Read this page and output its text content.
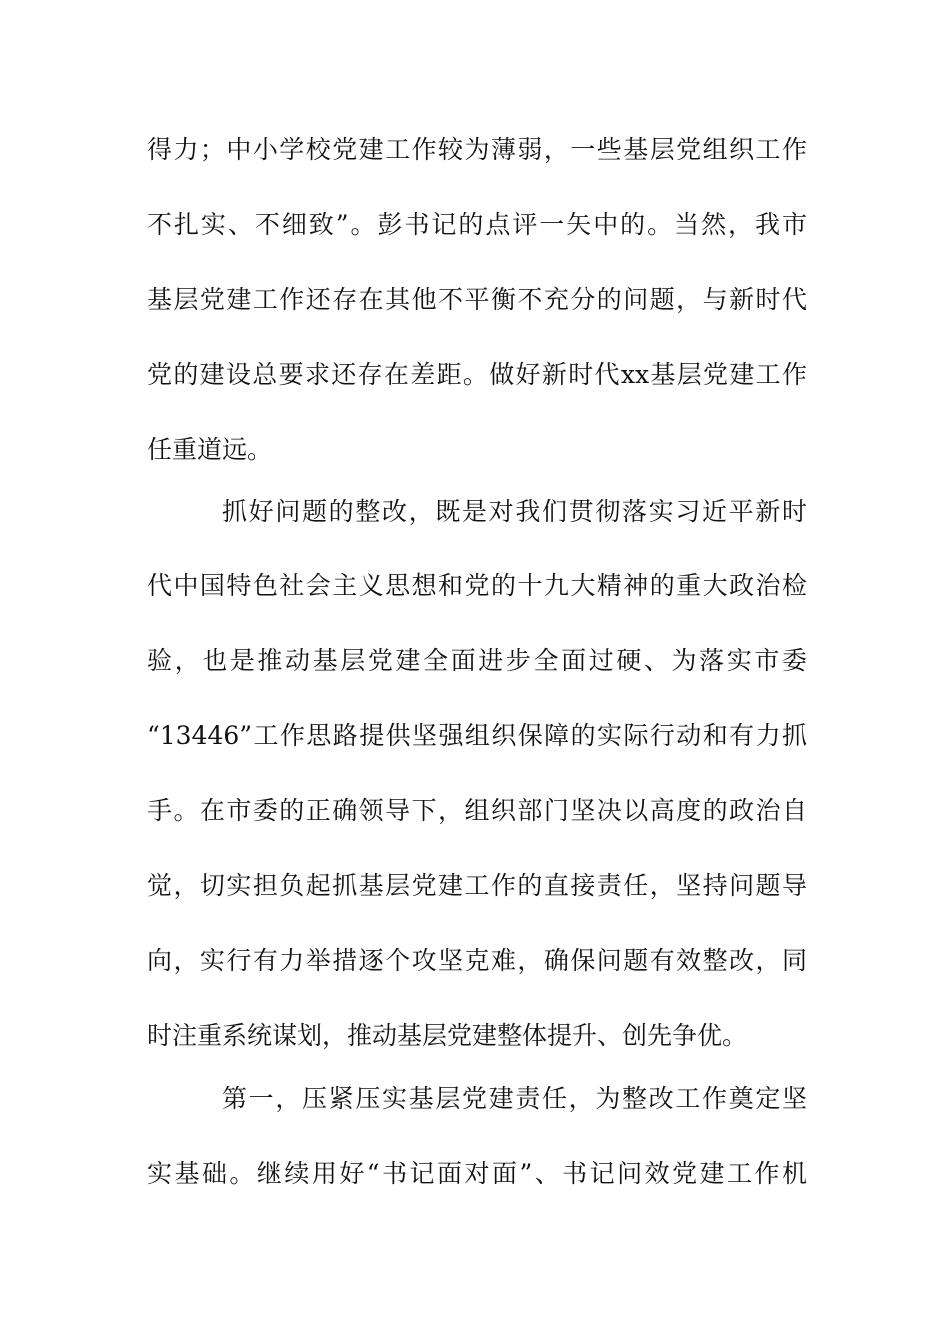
得力；中小学校党建工作较为薄弱，一些基层党组织工作
不扎实、不细致”。彭书记的点评一矢中的。当然，我市
基层党建工作还存在其他不平衡不充分的问题，与新时代
党的建设总要求还存在差距。做好新时代xx基层党建工作
任重道远。
抓好问题的整改，既是对我们贯彻落实习近平新时
代中国特色社会主义思想和党的十九大精神的重大政治检
验，也是推动基层党建全面进步全面过硬、为落实市委
“13446”工作思路提供坚强组织保障的实际行动和有力抓
手。在市委的正确领导下，组织部门坚决以高度的政治自
觉，切实担负起抓基层党建工作的直接责任，坚持问题导
向，实行有力举措逐个攻坚克难，确保问题有效整改，同
时注重系统谋划，推动基层党建整体提升、创先争优。
第一，压紧压实基层党建责任，为整改工作奠定坚
实基础。继续用好“书记面对面”、书记问效党建工作机
